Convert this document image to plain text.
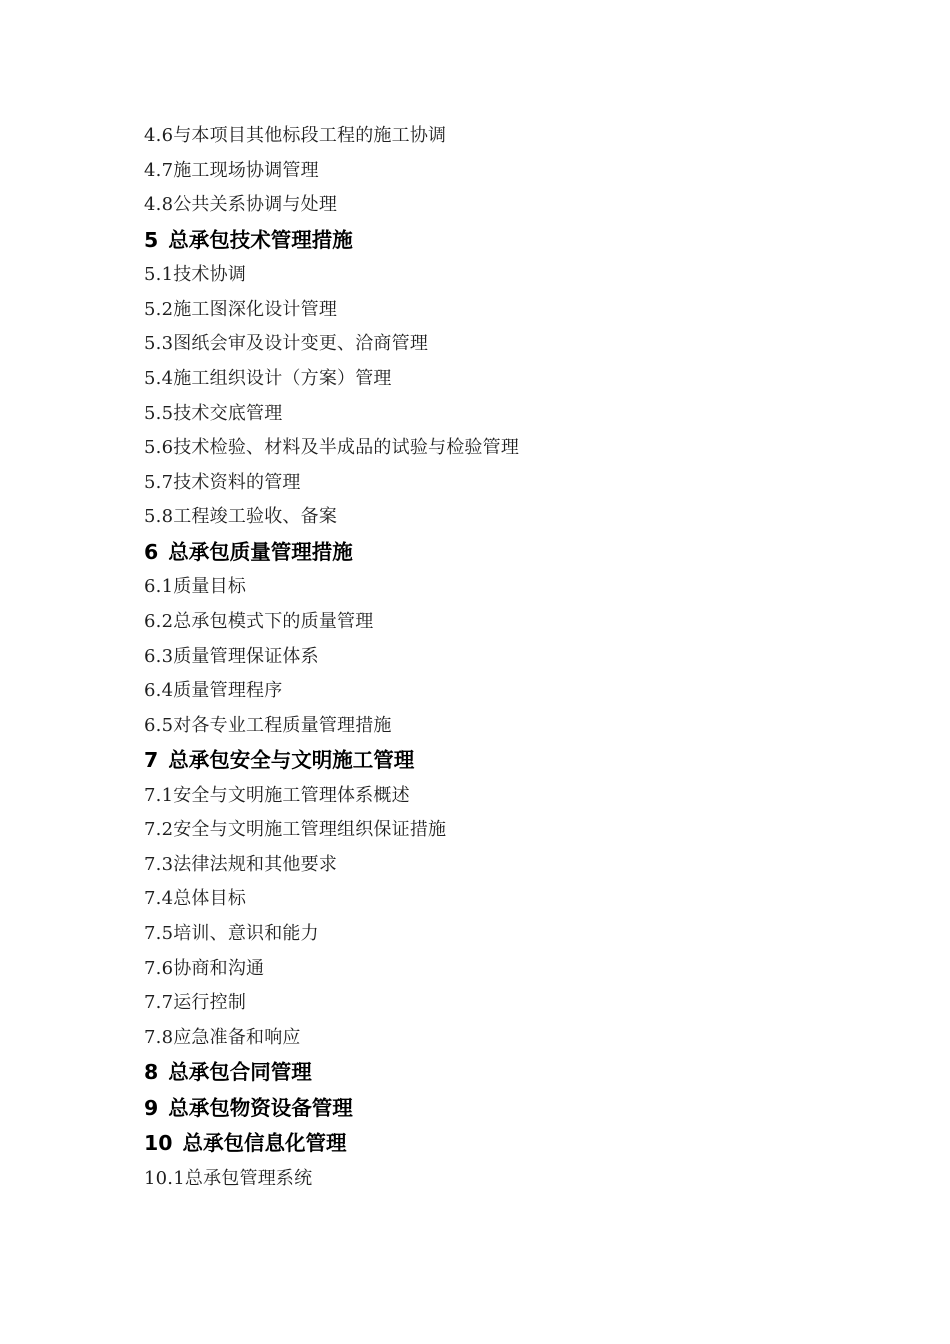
4.6与本项目其他标段工程的施工协调
4.7施工现场协调管理
4.8公共关系协调与处理
5 总承包技术管理措施
5.1技术协调
5.2施工图深化设计管理
5.3图纸会审及设计变更、洽商管理
5.4施工组织设计（方案）管理
5.5技术交底管理
5.6技术检验、材料及半成品的试验与检验管理
5.7技术资料的管理
5.8工程竣工验收、备案
6 总承包质量管理措施
6.1质量目标
6.2总承包模式下的质量管理
6.3质量管理保证体系
6.4质量管理程序
6.5对各专业工程质量管理措施
7 总承包安全与文明施工管理
7.1安全与文明施工管理体系概述
7.2安全与文明施工管理组织保证措施
7.3法律法规和其他要求
7.4总体目标
7.5培训、意识和能力
7.6协商和沟通
7.7运行控制
7.8应急准备和响应
8 总承包合同管理
9 总承包物资设备管理
10 总承包信息化管理
10.1总承包管理系统
